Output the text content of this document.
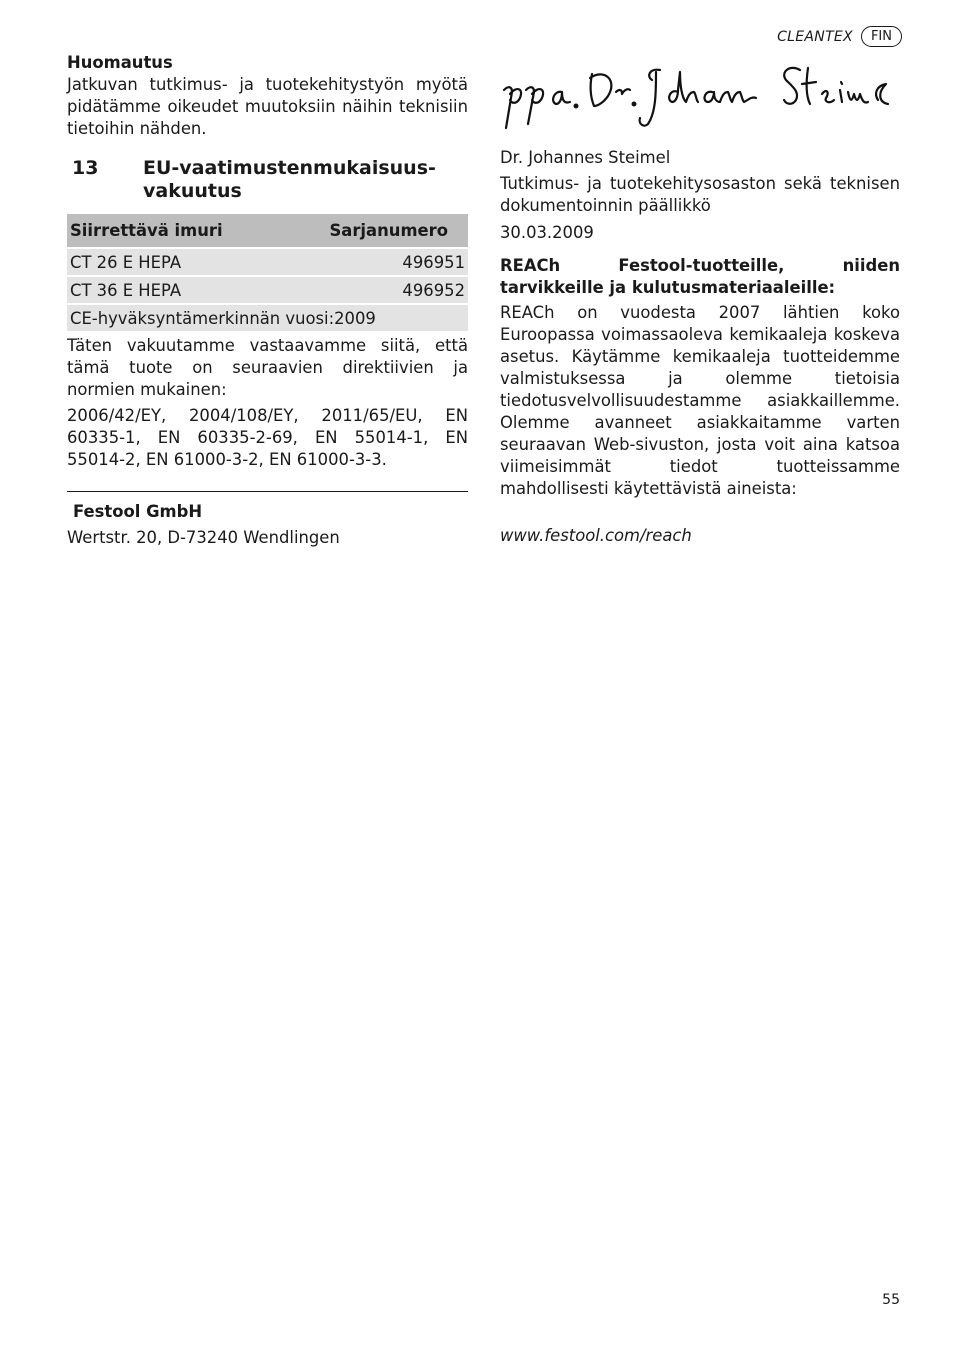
CLEANTEX	FIN
Huomautus

Jatkuvan tutkimus- ja tuotekehitystyön myötä pidätämme oikeudet muutoksiin näihin teknisiin tietoihin nähden.

13	EU-vaatimustenmukaisuus-
vakuutus
Siirrettävä imuri	Sarjanumero
CT 26 E HEPA	496951
CT 36 E HEPA	496952
CE-hyväksyntämerkinnän vuosi:2009	

Täten vakuutamme vastaavamme siitä, että tämä tuote on seuraavien direktiivien ja normien mukainen:

2006/42/EY, 2004/108/EY, 2011/65/EU, EN 60335-1, EN 60335-2-69, EN 55014-1, EN 55014-2, EN 61000-3-2, EN 61000-3-3.

Festool GmbH

Wertstr. 20, D-73240 Wendlingen

Dr. Johannes Steimel

Tutkimus- ja tuotekehitysosaston sekä teknisen dokumentoinnin päällikkö

30.03.2009

REACh Festool-tuotteille, niiden tarvikkeille ja kulutusmateriaaleille:

REACh on vuodesta 2007 lähtien koko Euroopassa voimassaoleva kemikaaleja koskeva asetus. Käytämme kemikaaleja tuotteidemme valmistuksessa ja olemme tietoisia tiedotusvelvollisuudestamme asiakkaillemme. Olemme avanneet asiakkaitamme varten seuraavan Web-sivuston, josta voit aina katsoa viimeisimmät tiedot tuotteissamme mahdollisesti käytettävistä aineista:

www.festool.com/reach

55
